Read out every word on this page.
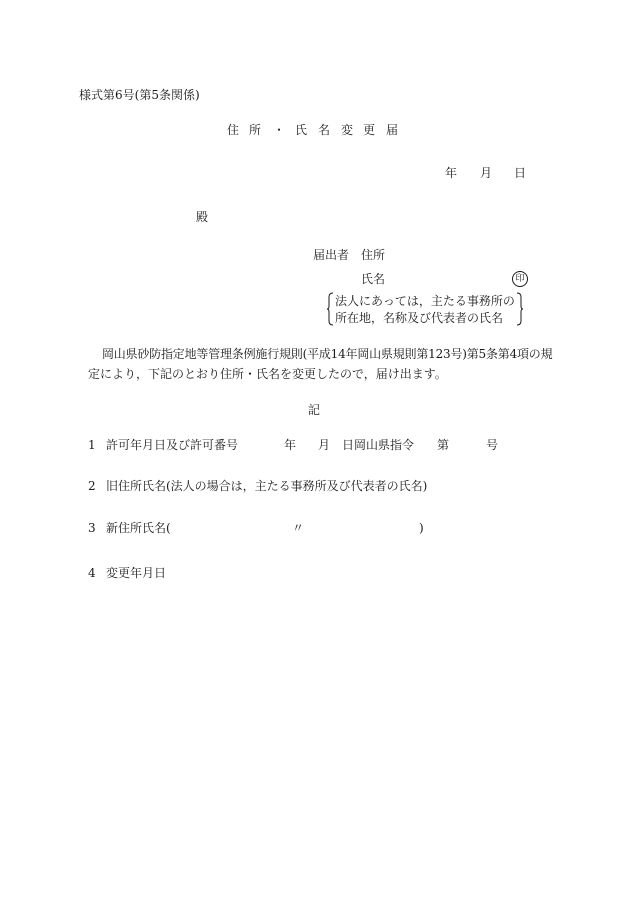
様式第6号(第5条関係)
住 所 ・ 氏 名 変 更 届
年 月 日
殿
届出者 住所
氏名	印
法人にあっては，主たる事務所の
所在地，名称及び代表者の氏名
岡山県砂防指定地等管理条例施行規則(平成14年岡山県規則第123号)第5条第4項の規
定により，下記のとおり住所・氏名を変更したので，届け出ます。
記
1 許可年月日及び許可番号	年 月 日岡山県指令 第	号
2 旧住所氏名(法人の場合は，主たる事務所及び代表者の氏名)
3 新住所氏名(	〃	)
4 変更年月日
